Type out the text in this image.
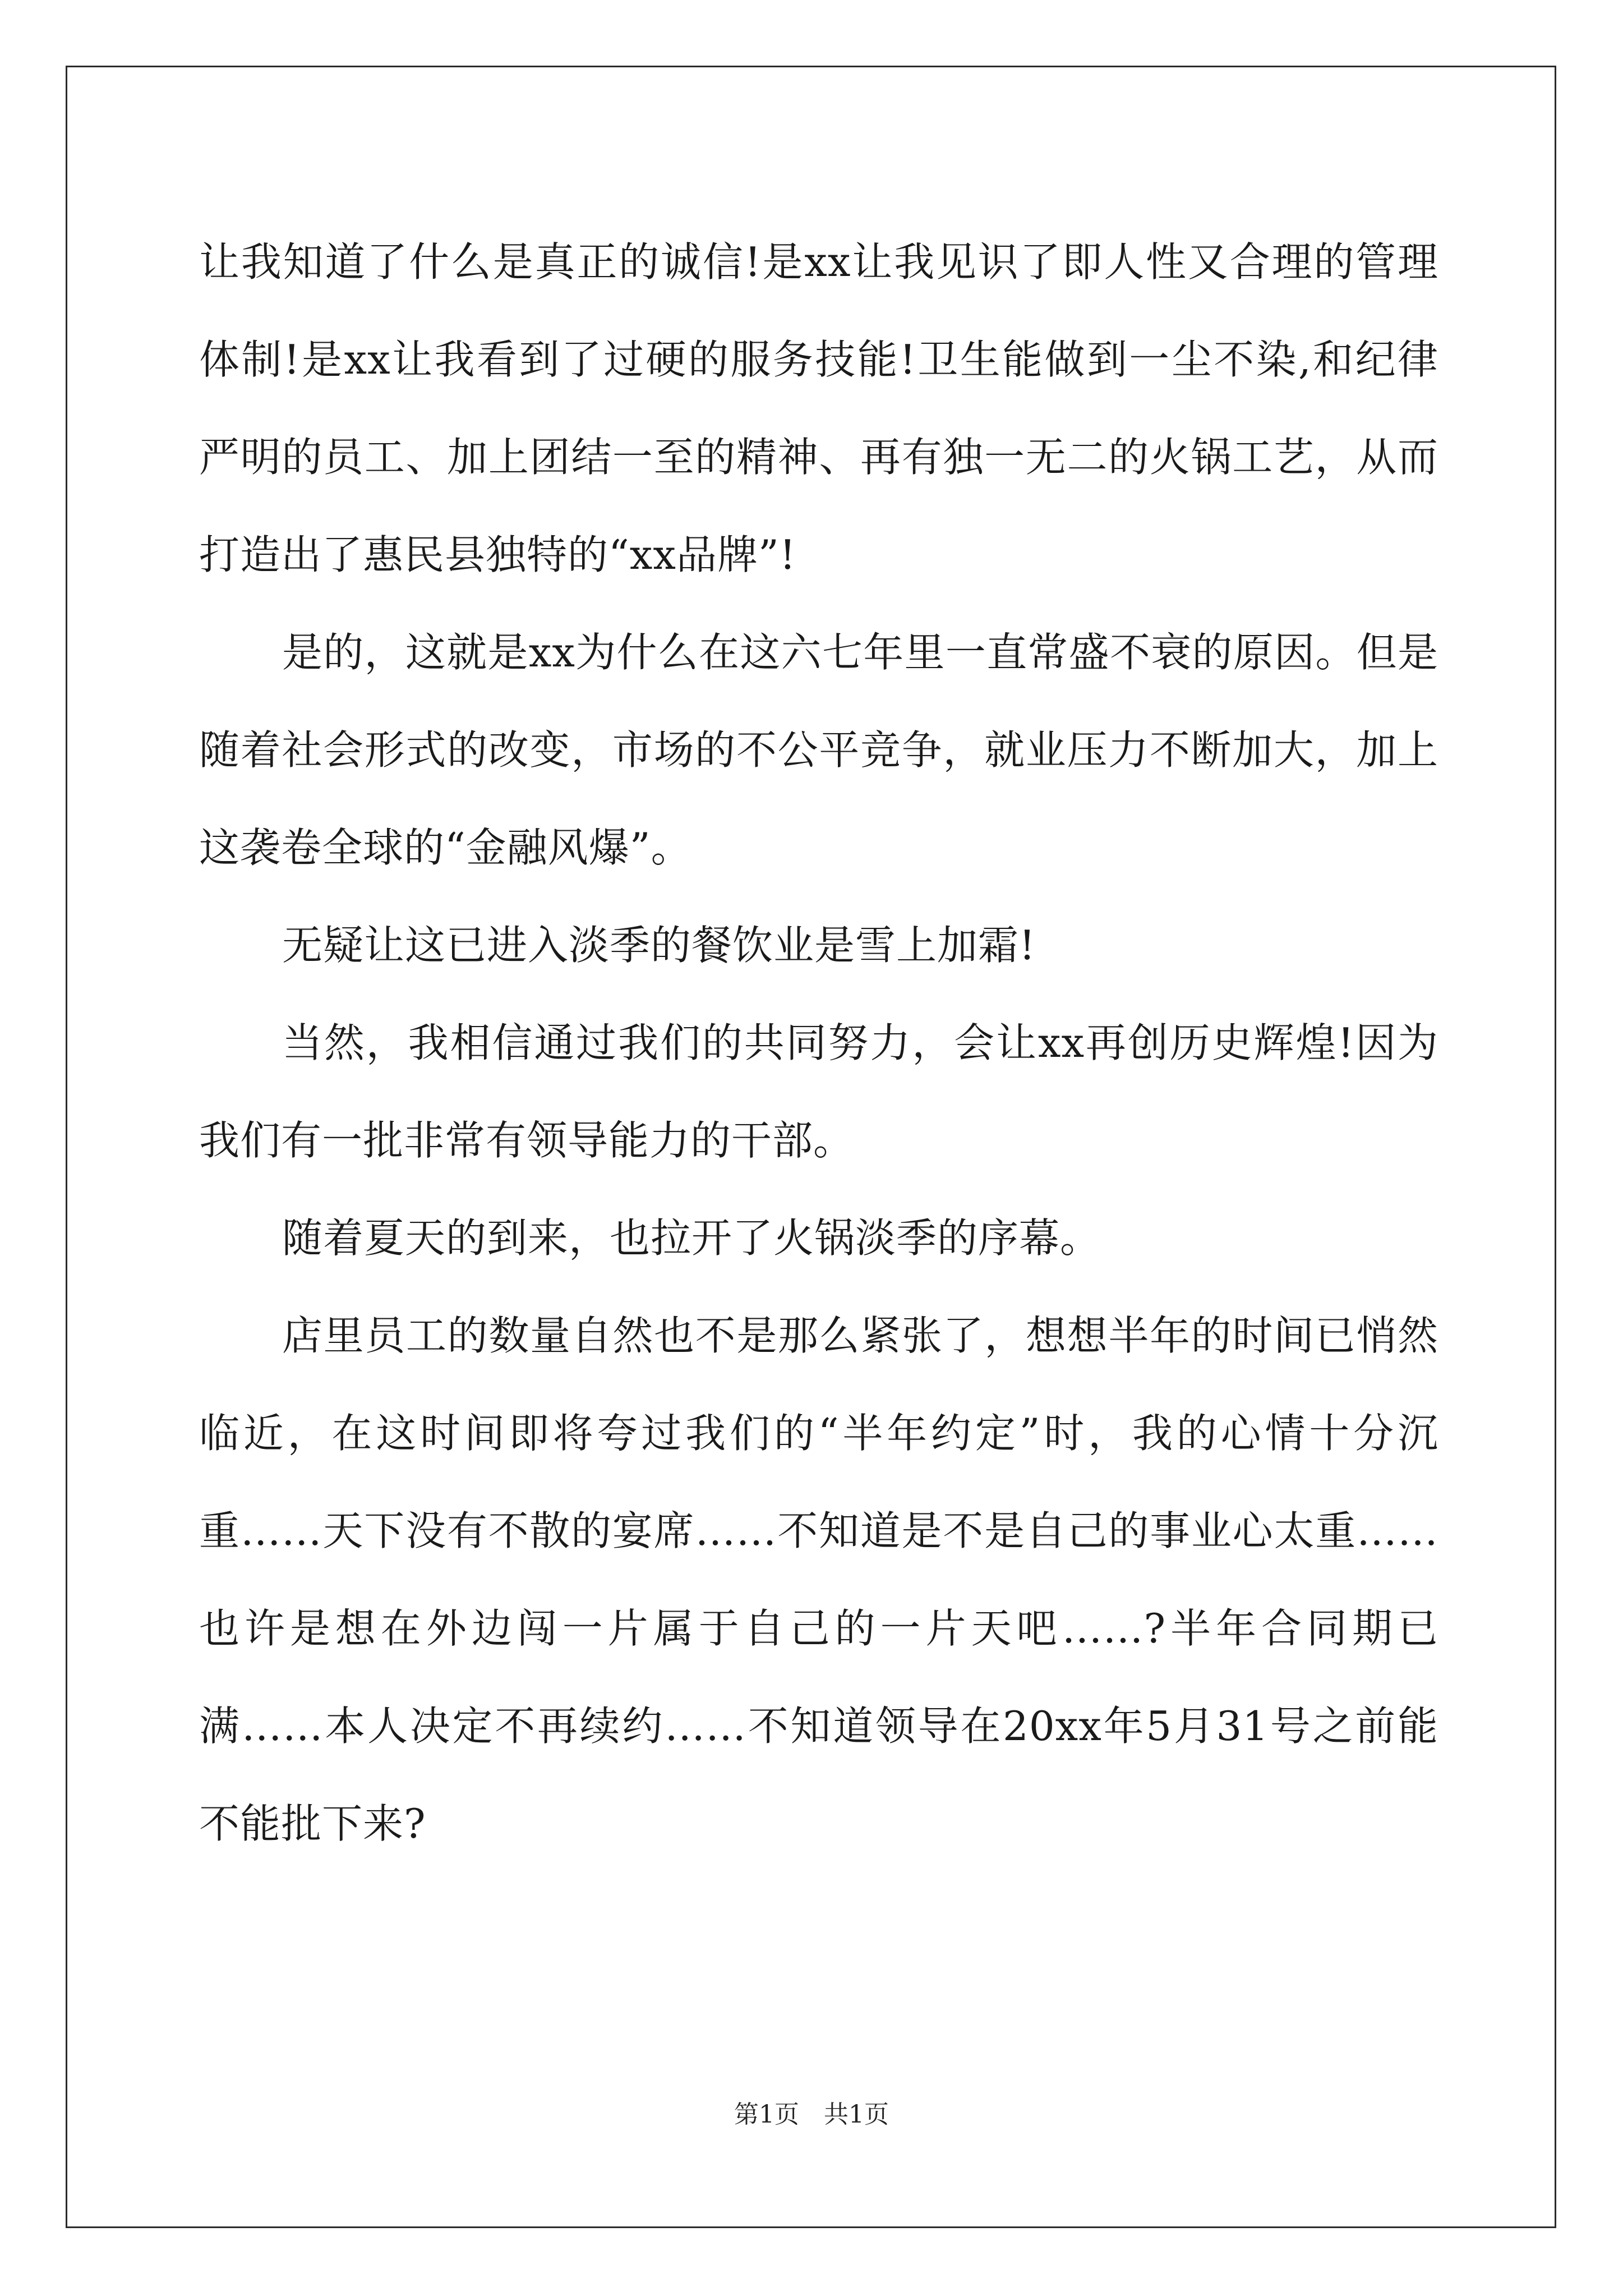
让我知道了什么是真正的诚信!是xx让我见识了即人性又合理的管理体制!是xx让我看到了过硬的服务技能!卫生能做到一尘不染,和纪律严明的员工、加上团结一至的精神、再有独一无二的火锅工艺，从而打造出了惠民县独特的“xx品牌”!

是的，这就是xx为什么在这六七年里一直常盛不衰的原因。但是随着社会形式的改变，市场的不公平竞争，就业压力不断加大，加上这袭卷全球的“金融风爆”。

无疑让这已进入淡季的餐饮业是雪上加霜!

当然，我相信通过我们的共同努力，会让xx再创历史辉煌!因为我们有一批非常有领导能力的干部。

随着夏天的到来，也拉开了火锅淡季的序幕。

店里员工的数量自然也不是那么紧张了，想想半年的时间已悄然临近，在这时间即将夸过我们的“半年约定”时，我的心情十分沉重……天下没有不散的宴席……不知道是不是自己的事业心太重……也许是想在外边闯一片属于自己的一片天吧……?半年合同期已满……本人决定不再续约……不知道领导在20xx年5月31号之前能不能批下来?

第1页　共1页
